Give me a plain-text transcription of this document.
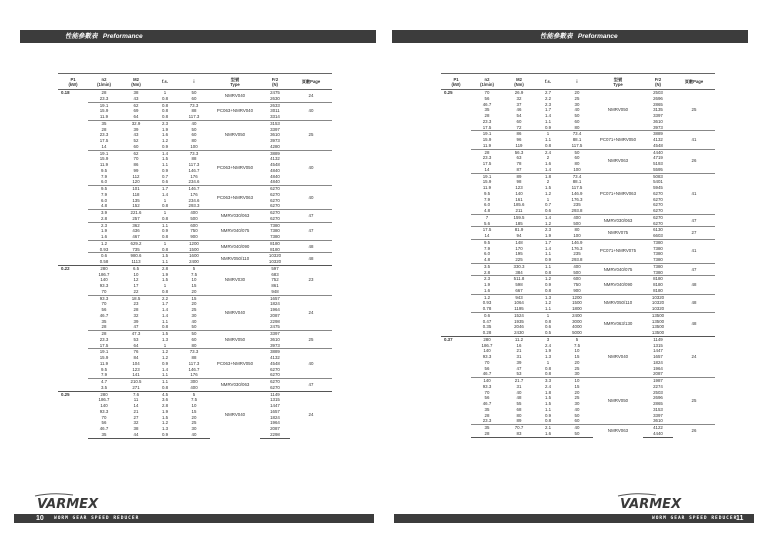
性能參數表 Preformance
P1
(kW)	n2
(1/min)	M2
(Nm)	f.s.	i	型號
Type	Fr2
(N)	頁數Page
0.18	28	38	1	50	NMRV040	2475	24
	23.3	43	0.8	60		2630	
	19.1	62	0.8	73.3	PC063+NMRV040	2633	40
	15.9	69	0.8	88		3011	
	11.9	64	0.8	117.3		3314	
	35	32.9	2.3	40	NMRV050	3153	25
	28	39	1.9	50		3397	
	23.3	43	1.6	60		3610	
	17.5	52	1.2	80		3973	
	14	60	0.9	100		4280	
	19.1	62	1.4	73.3	PC063+NMRV050	3889	40
	15.9	70	1.5	88		4132	
	11.9	86	1.1	117.3		4548	
	9.5	99	0.9	146.7		4840	
	7.9	112	0.7	176		4840	
	6.0	120	0.6	234.6		4840	
	9.5	101	1.7	146.7	PC063+NMRV063	6270	40
	7.9	118	1.4	176		6270	
	6.0	135	1	234.6		6270	
	4.8	152	0.8	293.3		6270	
	3.9	221.6	1	400	NMRV030/063	6270	47
	2.8	257	0.8	500		6270	
	2.3	362	1.1	600	NMRV040/075	7380	47
	1.9	436	0.9	750		7380	
	1.6	467	0.8	900		7380	
	1.2	629.2	1	1200	NMRV040/090	8180	48
	0.93	735	0.8	1500		8180	
	0.6	980.6	1.5	1600	NMRV050/110	10320	48
	0.58	1113	1.1	2400		10320	
0.22	280	6.5	2.8	5	NMRV030	597	23
	186.7	10	1.9	7.5		683	
	140	12	1.5	10		752	
	93.3	17	1	15		861	
	70	22	0.8	20		948	
	93.3	18.5	2.2	15	NMRV040	1657	24
	70	23	1.7	20		1824	
	56	28	1.4	25		1964	
	46.7	32	1.4	30		2087	
	35	39	1.1	40		2298	
	28	47	0.8	50		2475	
	28	47.3	1.5	50	NMRV050	3397	25
	23.3	53	1.3	60		3610	
	17.5	64	1	80		3973	
	19.1	76	1.2	73.3	PC063+NMRV050	3889	40
	15.9	84	1.2	88		4132	
	11.9	104	0.9	117.3		4548	
	9.5	123	1.4	146.7		6270	
	7.9	141	1.1	176		6270	
	4.7	210.5	1.1	300	NMRV030/063	6270	47
	3.5	271	0.8	400		6270	
0.25	280	7.6	4.5	5	NMRV040	1149	24
	186.7	11	3.6	7.5		1315	
	140	14	2.8	10		1447	
	93.3	21	1.9	15		1657	
	70	27	1.5	20		1824	
	56	32	1.2	25		1964	
	46.7	38	1.3	30		2087	
	35	44	0.9	40		2298	
性能參數表 Preformance
P1
(kW)	n2
(1/min)	M2
(Nm)	f.s.	i	型號
Type	Fr2
(N)	頁數Page
0.25	70	26.9	2.7	20	NMRV050	2503	25
	56	32	2.2	25		2696	
	46.7	37	2.3	30		2865	
	35	46	1.7	40		3135	
	28	54	1.4	50		3397	
	23.3	60	1.1	60		3610	
	17.5	72	0.9	80		3973	
	19.1	86	1	73.4	PC071+NMRV050	3889	41
	15.9	96	1.1	88.1		4132	
	11.9	119	0.8	117.5		4548	
	28	56.3	2.4	50	NMRV063	4440	26
	23.3	63	2	60		4719	
	17.5	78	1.6	80		5193	
	14	87	1.4	100		5595	
	19.1	89	1.8	73.4	PC071+NMRV063	5083	41
	15.9	98	2	88.1		5401	
	11.9	123	1.5	117.5		5945	
	9.5	140	1.2	146.9		6270	
	7.9	161	1	176.3		6270	
	6.0	185.6	0.7	235		6270	
	4.8	211	0.6	293.8		6270	
	7	159.5	1.4	400	NMRV030/063	6270	47
	5.6	185	1.2	500		6270	
	17.5	81.9	2.3	80	NMRV075	6130	27
	14	94	1.9	100		6603	
	9.5	148	1.7	146.9	PC071+NMRV075	7380	41
	7.9	170	1.4	176.3		7380	
	6.0	195	1.1	235		7380	
	4.8	225	0.9	293.8		7380	
	3.5	330.3	1.1	400	NMRV040/075	7380	47
	2.8	384	0.8	500		7380	
	2.3	511.8	1.2	600	NMRV040/090	8180	48
	1.9	598	0.9	750		8180	
	1.6	667	0.8	900		8180	
	1.2	943	1.3	1200	NMRV050/110	10320	48
	0.93	1064	1.2	1500		10320	
	0.78	1195	1.1	1800		10320	
	0.6	1524	1	2400	NMRV063/130	13500	48
	0.47	1935	0.8	3000		13500	
	0.35	2046	0.6	4000		13500	
	0.28	2430	0.5	5000		13500	
0.37	280	11.2	3	5	NMRV040	1149	24
	186.7	16	2.4	7.5		1315	
	140	21	1.9	10		1447	
	93.3	31	1.3	15		1657	
	70	39	1	20		1824	
	56	47	0.8	25		1964	
	46.7	53	0.8	30		2087	
	140	21.7	3.3	10	NMRV050	1987	25
	93.3	31	2.4	15		2274	
	70	40	1.8	20		2503	
	56	48	1.5	25		2696	
	46.7	55	1.5	30		2865	
	35	68	1.1	40		3153	
	28	80	0.9	50		3397	
	23.3	89	0.8	60		3610	
	35	70.7	2.1	40	NMRV063	4122	26
	28	83	1.6	50		4440	
VARMEX	VARMEX
10 WORM GEAR SPEED REDUCER	WORM GEAR SPEED REDUCER
11
